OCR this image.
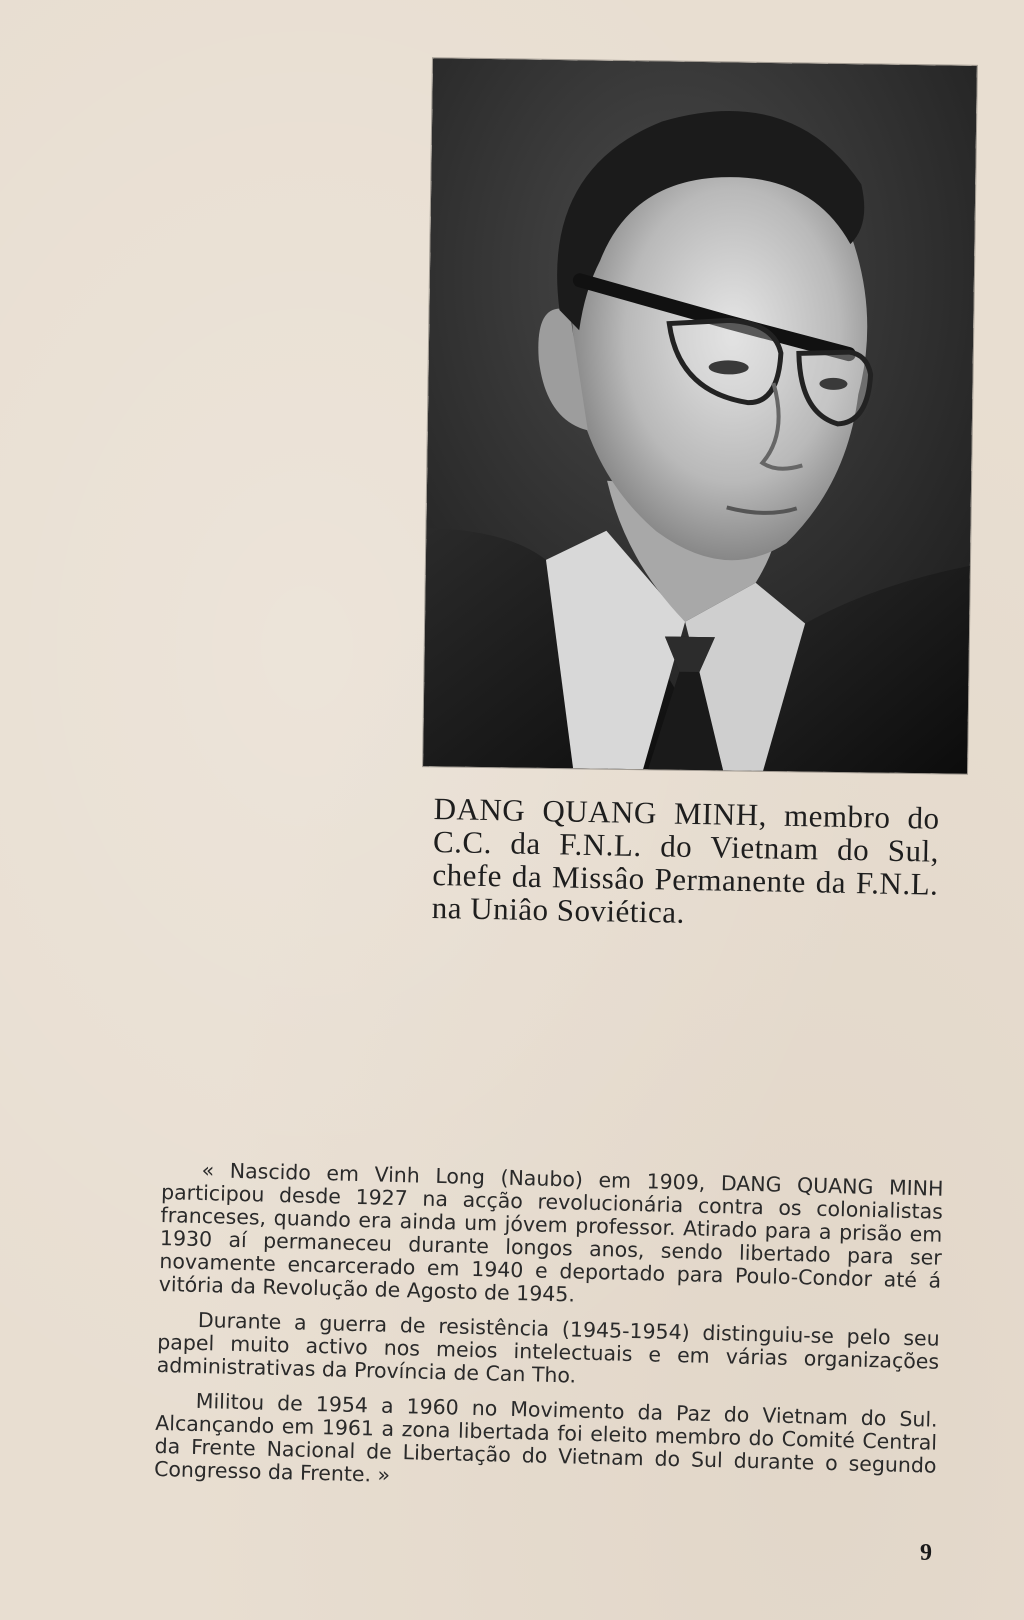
DANG QUANG MINH, membro do C.C. da F.N.L. do Vietnam do Sul, chefe da Missâo Permanente da F.N.L. na Uniâo Soviética.

« Nascido em Vinh Long (Naubo) em 1909, DANG QUANG MINH participou desde 1927 na acção revolucionária contra os colonialistas franceses, quando era ainda um jóvem professor. Atirado para a prisão em 1930 aí permaneceu durante longos anos, sendo libertado para ser novamente encarcerado em 1940 e deportado para Poulo-Condor até á vitória da Revolução de Agosto de 1945.

Durante a guerra de resistência (1945-1954) distinguiu-se pelo seu papel muito activo nos meios intelectuais e em várias organizações administrativas da Província de Can Tho.

Militou de 1954 a 1960 no Movimento da Paz do Vietnam do Sul. Alcançando em 1961 a zona libertada foi eleito membro do Comité Central da Frente Nacional de Libertação do Vietnam do Sul durante o segundo Congresso da Frente. »

9
